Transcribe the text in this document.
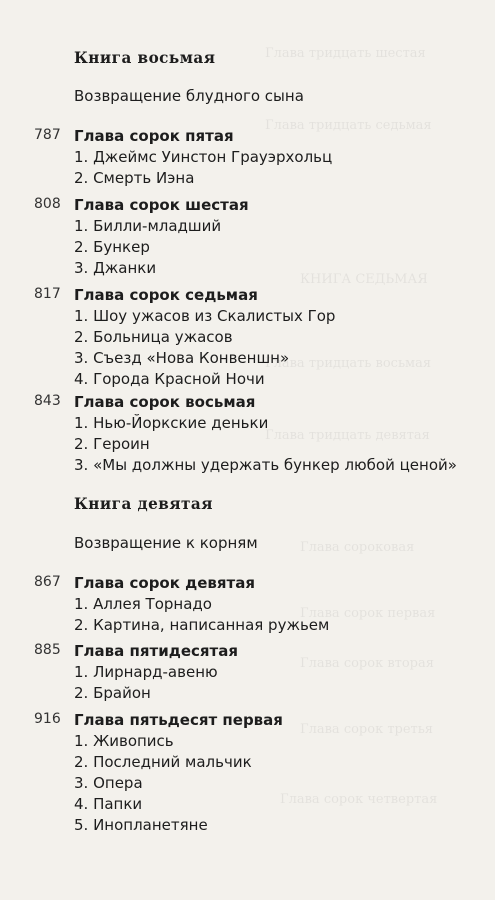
Глава тридцать шестая
Глава тридцать седьмая
КНИГА СЕДЬМАЯ
Глава тридцать восьмая
Глава тридцать девятая
Глава сороковая
Глава сорок первая
Глава сорок вторая
Глава сорок третья
Глава сорок четвертая
Книга восьмая
Возвращение блудного сына
787 Глава сорок пятая
1. Джеймс Уинстон Грауэрхольц
2. Смерть Иэна
808 Глава сорок шестая
1. Билли-младший
2. Бункер
3. Джанки
817 Глава сорок седьмая
1. Шоу ужасов из Скалистых Гор
2. Больница ужасов
3. Съезд «Нова Конвеншн»
4. Города Красной Ночи
843 Глава сорок восьмая
1. Нью-Йоркские деньки
2. Героин
3. «Мы должны удержать бункер любой ценой»
Книга девятая
Возвращение к корням
867 Глава сорок девятая
1. Аллея Торнадо
2. Картина, написанная ружьем
885 Глава пятидесятая
1. Лирнард-авеню
2. Брайон
916 Глава пятьдесят первая
1. Живопись
2. Последний мальчик
3. Опера
4. Папки
5. Инопланетяне
